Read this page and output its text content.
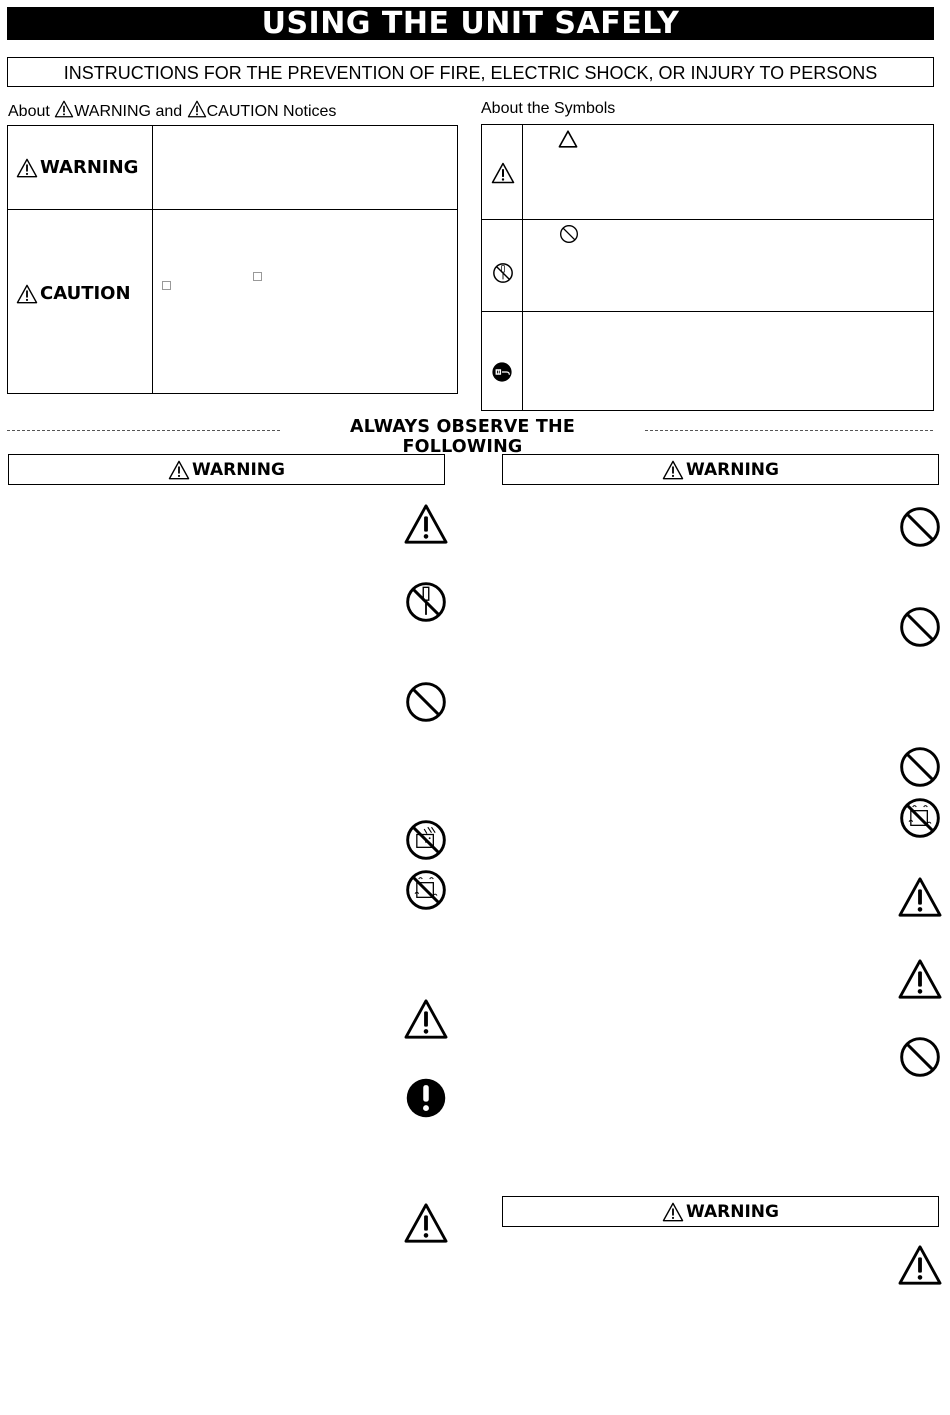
USING THE UNIT SAFELY
INSTRUCTIONS FOR THE PREVENTION OF FIRE, ELECTRIC SHOCK, OR INJURY TO PERSONS
About WARNING and CAUTION Notices	About the Symbols
WARNING
CAUTION
ALWAYS OBSERVE THE FOLLOWING
WARNING	WARNING
WARNING
